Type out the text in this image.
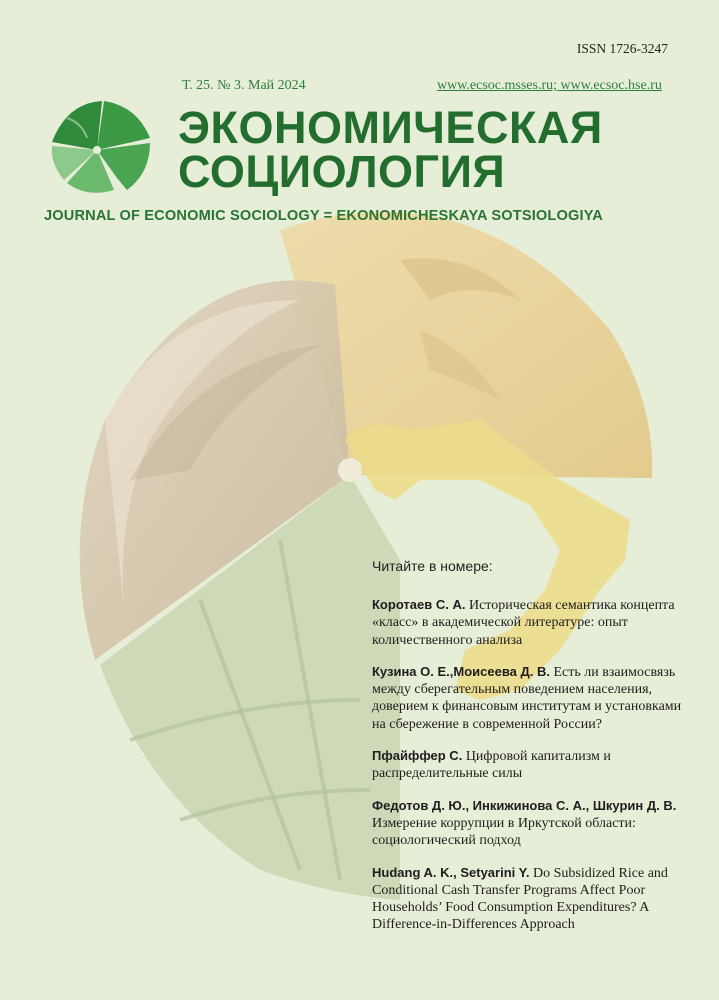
ISSN 1726-3247
Т. 25. № 3. Май 2024	www.ecsoc.msses.ru; www.ecsoc.hse.ru
ЭКОНОМИЧЕСКАЯ
СОЦИОЛОГИЯ
JOURNAL OF ECONOMIC SOCIOLOGY = EKONOMICHESKAYA SOTSIOLOGIYA
Читайте в номере:
Коротаев С. А. Историческая семантика концепта «класс» в академической литературе: опыт количественного анализа
Кузина О. Е.,Моисеева Д. В. Есть ли взаимосвязь между сберегательным поведением населения, доверием к финансовым институтам и установками на сбережение в современной России?
Пфайффер С. Цифровой капитализм и распределительные силы
Федотов Д. Ю., Инкижинова С. А., Шкурин Д. В. Измерение коррупции в Иркутской области: социологический подход
Hudang A. K., Setyarini Y. Do Subsidized Rice and Conditional Cash Transfer Programs Affect Poor Households’ Food Consumption Expenditures? A Difference-in-Differences Approach
